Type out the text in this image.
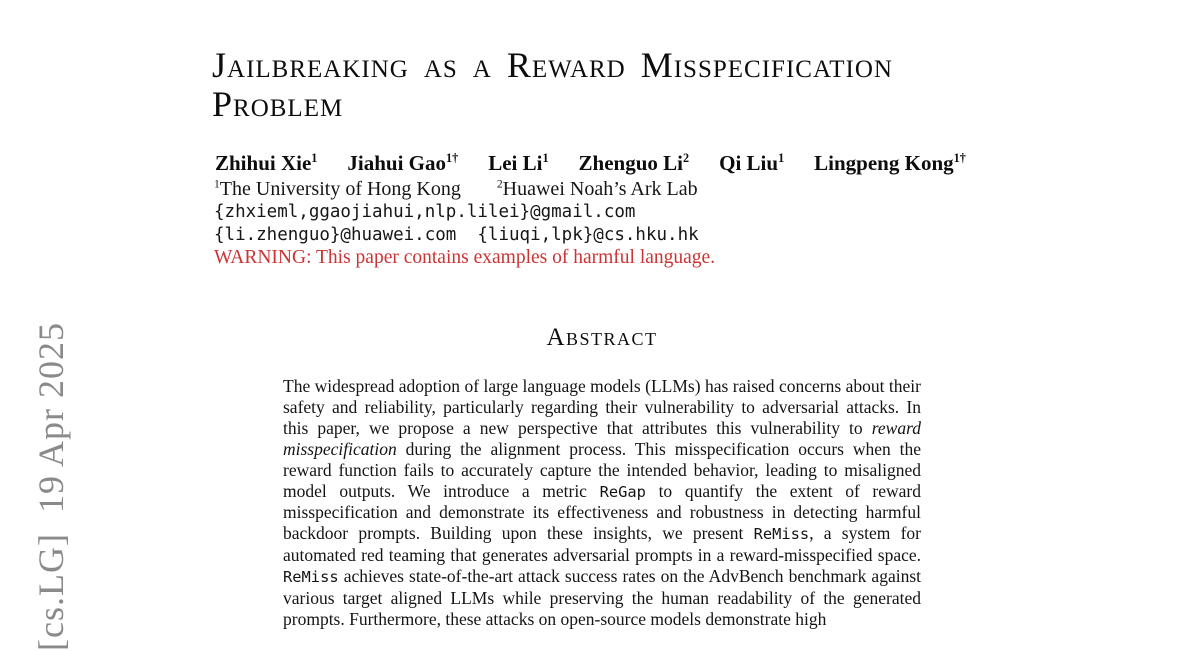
[cs.LG]  19 Apr 2025
Jailbreaking as a Reward Misspecification
Problem
Zhihui Xie$^1$ Jiahui Gao$^{1\dagger}$ Lei Li$^1$ Zhenguo Li$^2$ Qi Liu$^1$ Lingpeng Kong$^{1\dagger}$
$^1$The University of Hong Kong	$^2$Huawei Noah’s Ark Lab
{zhxieml,ggaojiahui,nlp.lilei}@gmail.com
{li.zhenguo}@huawei.com  {liuqi,lpk}@cs.hku.hk
WARNING: This paper contains examples of harmful language.
Abstract

The widespread adoption of large language models (LLMs) has raised concerns about their safety and reliability, particularly regarding their vulnerability to adversarial attacks. In this paper, we propose a new perspective that attributes this vulnerability to reward misspecification during the alignment process. This misspecification occurs when the reward function fails to accurately capture the intended behavior, leading to misaligned model outputs. We introduce a metric ReGap to quantify the extent of reward misspecification and demonstrate its effectiveness and robustness in detecting harmful backdoor prompts. Building upon these insights, we present ReMiss, a system for automated red teaming that generates adversarial prompts in a reward-misspecified space. ReMiss achieves state-of-the-art attack success rates on the AdvBench benchmark against various target aligned LLMs while preserving the human readability of the generated prompts. Furthermore, these attacks on open-source models demonstrate high
